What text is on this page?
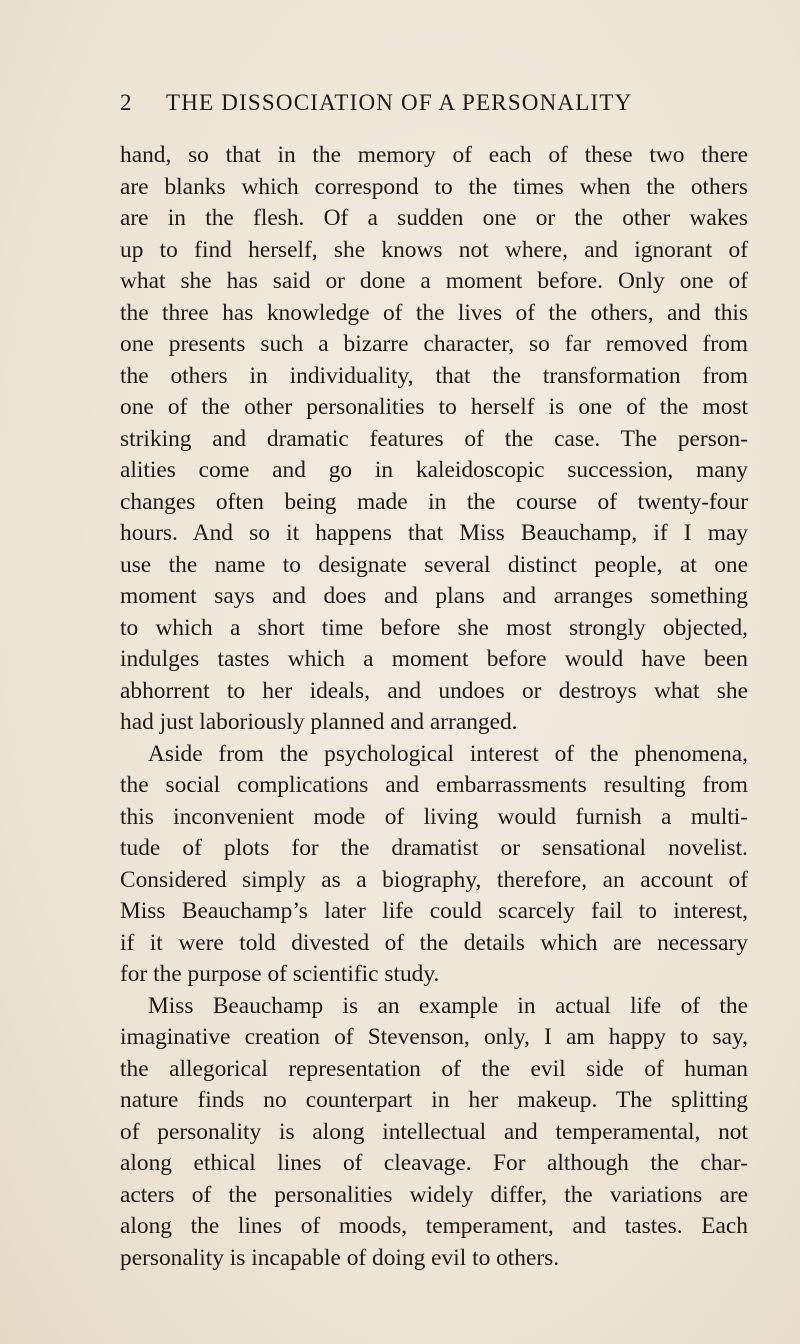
2 THE DISSOCIATION OF A PERSONALITY
hand, so that in the memory of each of these two there
are blanks which correspond to the times when the others
are in the flesh. Of a sudden one or the other wakes
up to find herself, she knows not where, and ignorant of
what she has said or done a moment before. Only one of
the three has knowledge of the lives of the others, and this
one presents such a bizarre character, so far removed from
the others in individuality, that the transformation from
one of the other personalities to herself is one of the most
striking and dramatic features of the case. The person-
alities come and go in kaleidoscopic succession, many
changes often being made in the course of twenty-four
hours. And so it happens that Miss Beauchamp, if I may
use the name to designate several distinct people, at one
moment says and does and plans and arranges something
to which a short time before she most strongly objected,
indulges tastes which a moment before would have been
abhorrent to her ideals, and undoes or destroys what she
had just laboriously planned and arranged.
Aside from the psychological interest of the phenomena,
the social complications and embarrassments resulting from
this inconvenient mode of living would furnish a multi-
tude of plots for the dramatist or sensational novelist.
Considered simply as a biography, therefore, an account of
Miss Beauchamp’s later life could scarcely fail to interest,
if it were told divested of the details which are necessary
for the purpose of scientific study.
Miss Beauchamp is an example in actual life of the
imaginative creation of Stevenson, only, I am happy to say,
the allegorical representation of the evil side of human
nature finds no counterpart in her makeup. The splitting
of personality is along intellectual and temperamental, not
along ethical lines of cleavage. For although the char-
acters of the personalities widely differ, the variations are
along the lines of moods, temperament, and tastes. Each
personality is incapable of doing evil to others.
